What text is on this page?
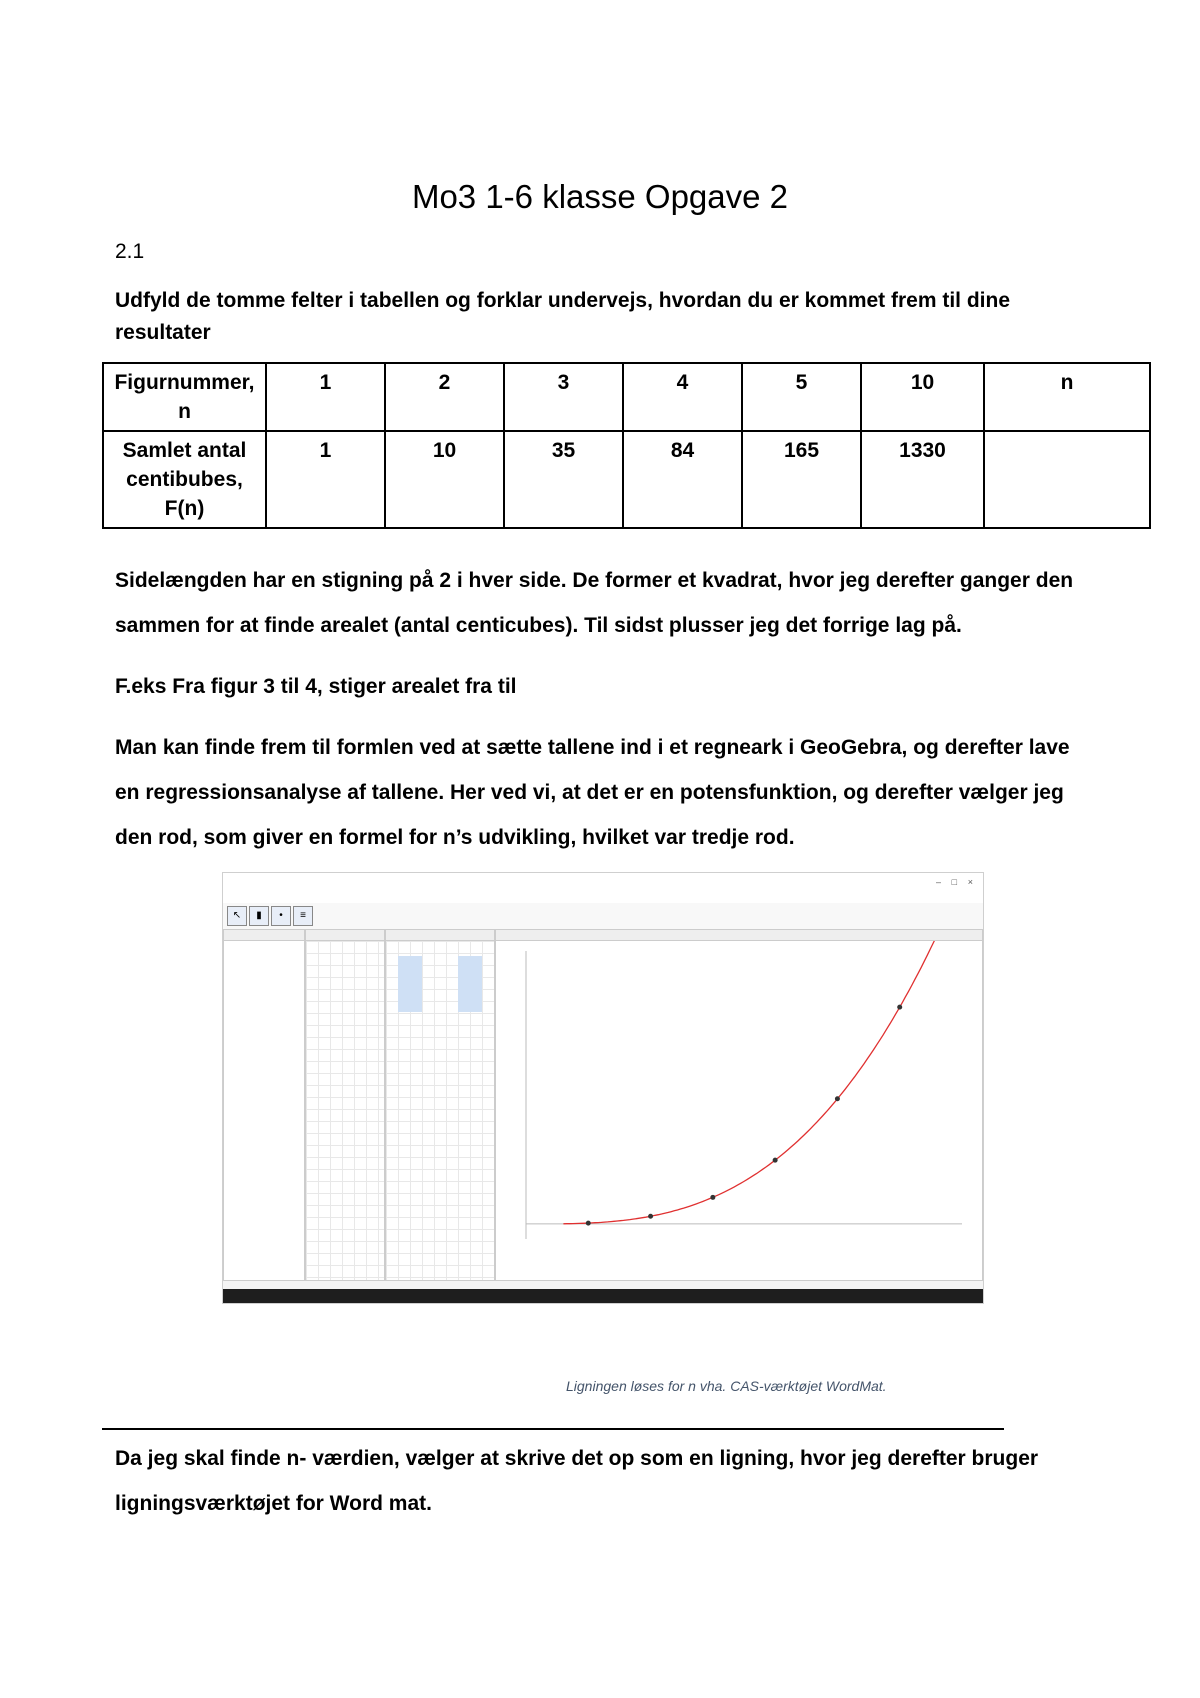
Mo3 1-6 klasse Opgave 2
2.1
Udfyld de tomme felter i tabellen og forklar undervejs, hvordan du er kommet frem til dine resultater
Figurnummer,
n	1	2	3	4	5	10	n
Samlet antal
centibubes,
F(n)	1	10	35	84	165	1330	
Sidelængden har en stigning på 2 i hver side. De former et kvadrat, hvor jeg derefter ganger den
sammen for at finde arealet (antal centicubes). Til sidst plusser jeg det forrige lag på.
F.eks Fra figur 3 til 4, stiger arealet fra til
Man kan finde frem til formlen ved at sætte tallene ind i et regneark i GeoGebra, og derefter lave
en regressionsanalyse af tallene. Her ved vi, at det er en potensfunktion, og derefter vælger jeg
den rod, som giver en formel for n’s udvikling, hvilket var tredje rod.
– □ ×
↖	▮	•	≡
Ligningen løses for n vha. CAS-værktøjet WordMat.
Da jeg skal finde n- værdien, vælger at skrive det op som en ligning, hvor jeg derefter bruger
ligningsværktøjet for Word mat.
